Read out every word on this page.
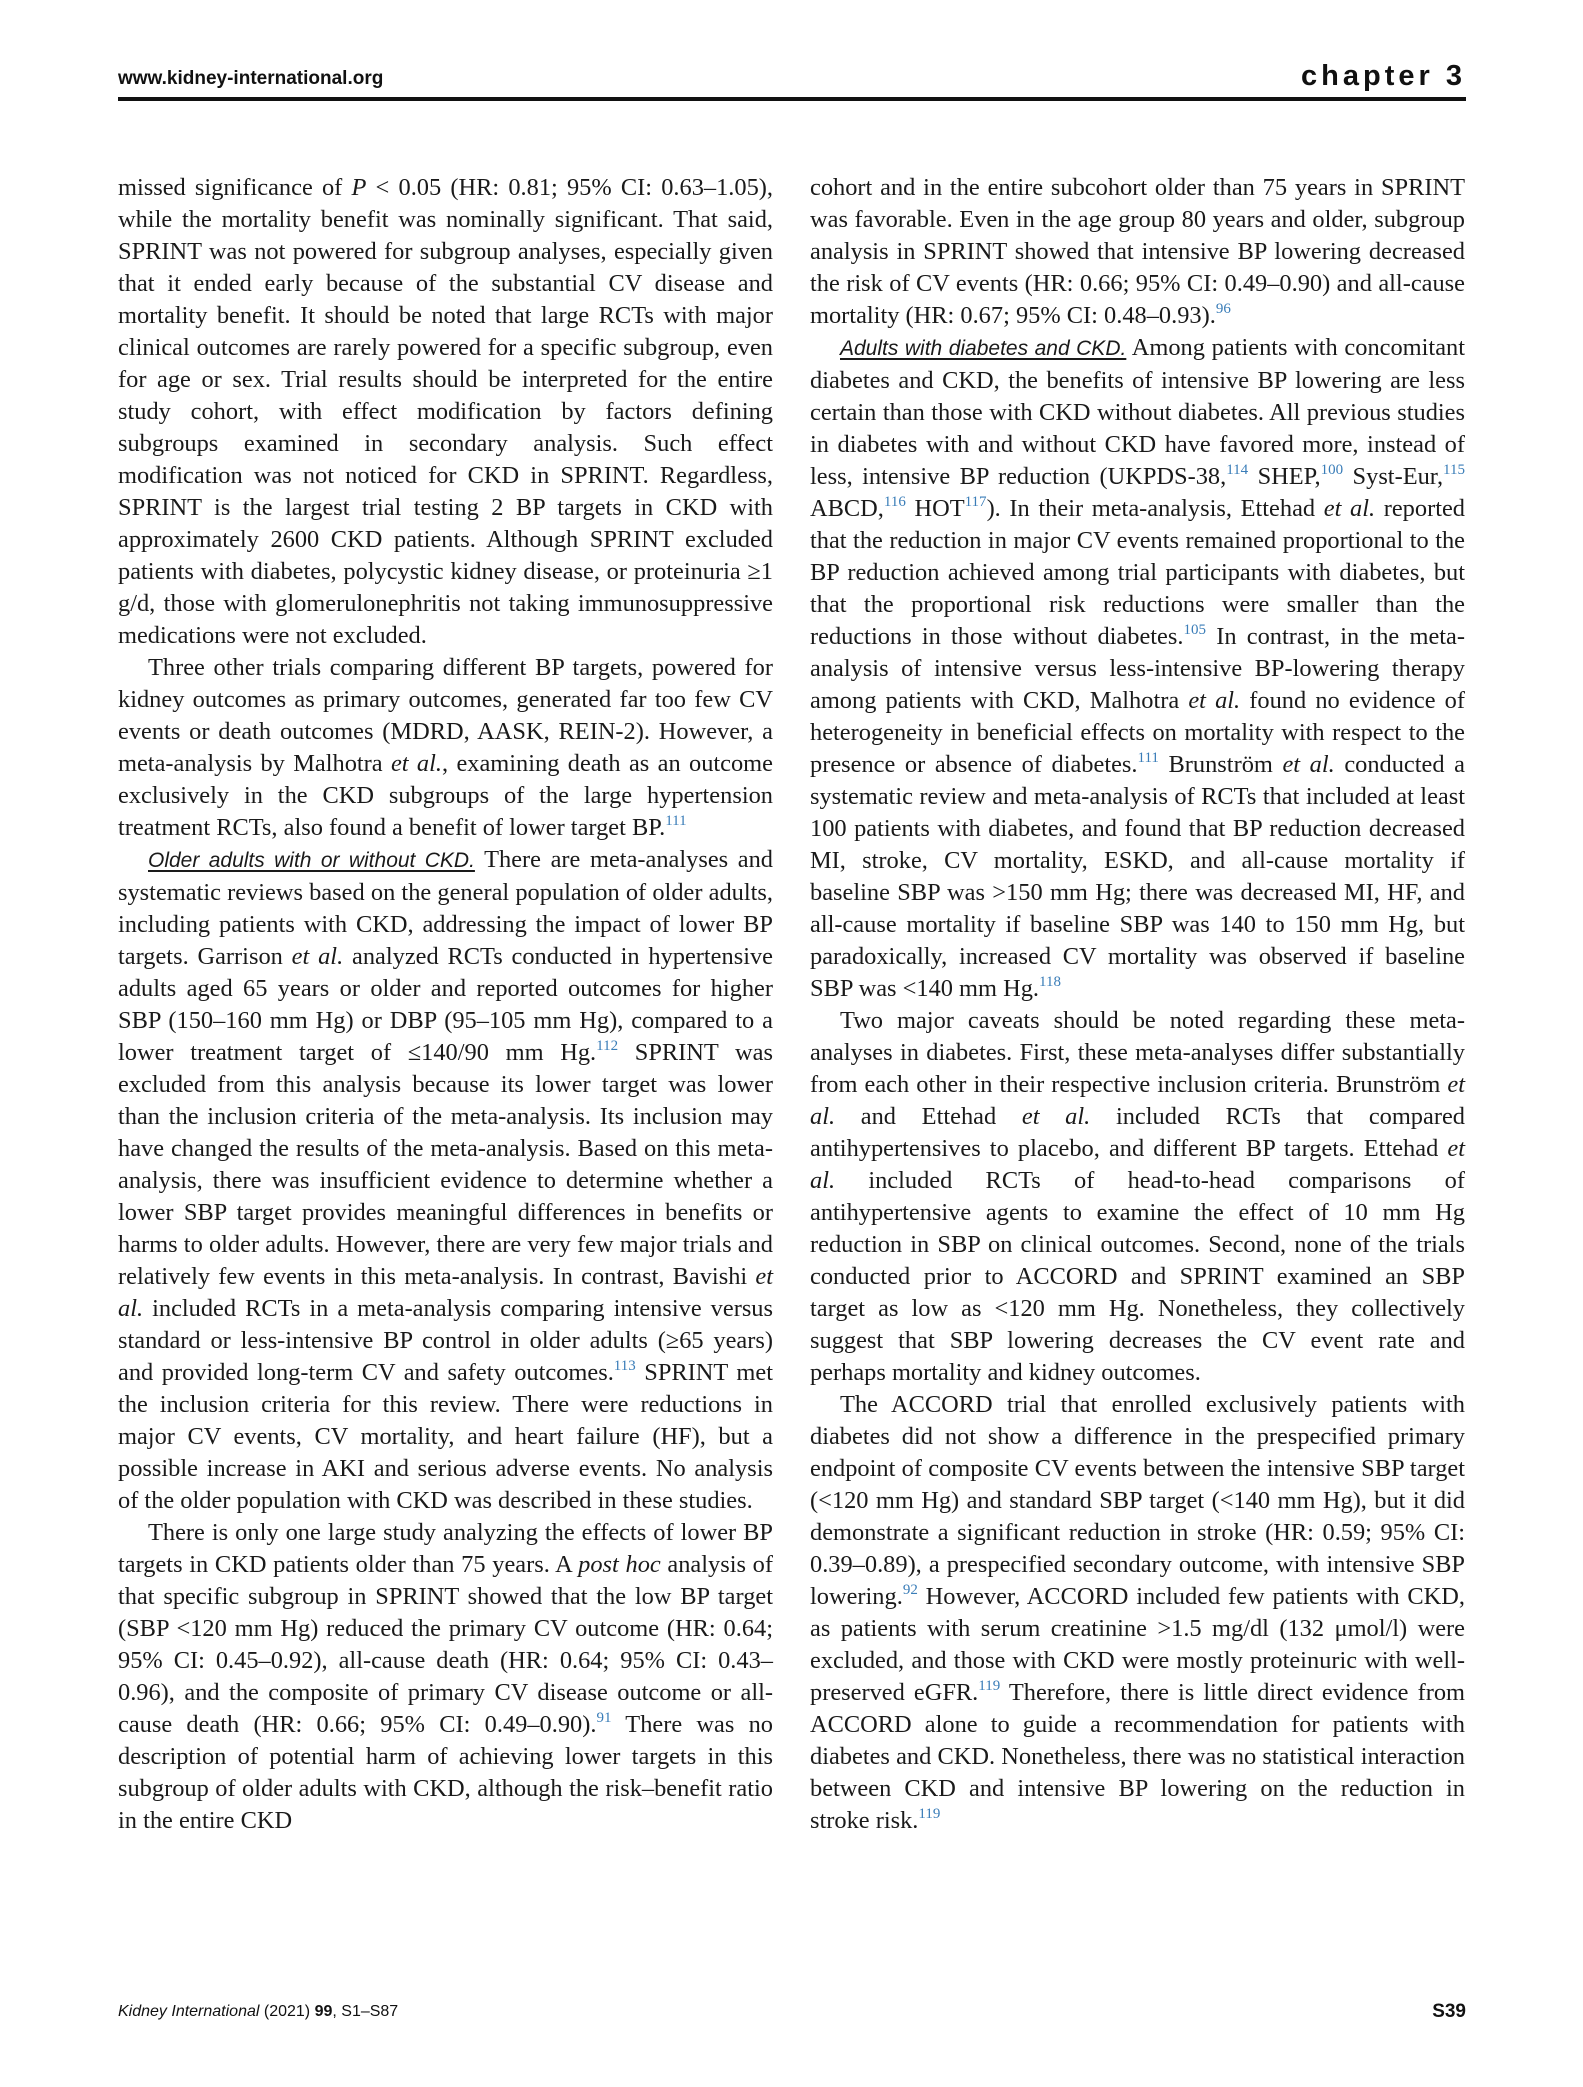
www.kidney-international.org	chapter 3

missed significance of P < 0.05 (HR: 0.81; 95% CI: 0.63–1.05), while the mortality benefit was nominally significant. That said, SPRINT was not powered for subgroup analyses, especially given that it ended early because of the substantial CV disease and mortality benefit. It should be noted that large RCTs with major clinical outcomes are rarely powered for a specific subgroup, even for age or sex. Trial results should be interpreted for the entire study cohort, with effect modification by factors defining subgroups examined in secondary analysis. Such effect modification was not noticed for CKD in SPRINT. Regardless, SPRINT is the largest trial testing 2 BP targets in CKD with approximately 2600 CKD patients. Although SPRINT excluded patients with diabetes, polycystic kidney disease, or proteinuria ≥1 g/d, those with glomerulonephritis not taking immunosuppressive medications were not excluded.

Three other trials comparing different BP targets, powered for kidney outcomes as primary outcomes, generated far too few CV events or death outcomes (MDRD, AASK, REIN-2). However, a meta-analysis by Malhotra et al., examining death as an outcome exclusively in the CKD subgroups of the large hypertension treatment RCTs, also found a benefit of lower target BP.$^{111}$

Older adults with or without CKD. There are meta-analyses and systematic reviews based on the general population of older adults, including patients with CKD, addressing the impact of lower BP targets. Garrison et al. analyzed RCTs conducted in hypertensive adults aged 65 years or older and reported outcomes for higher SBP (150–160 mm Hg) or DBP (95–105 mm Hg), compared to a lower treatment target of ≤140/90 mm Hg.$^{112}$ SPRINT was excluded from this analysis because its lower target was lower than the inclusion criteria of the meta-analysis. Its inclusion may have changed the results of the meta-analysis. Based on this meta-analysis, there was insufficient evidence to determine whether a lower SBP target provides meaningful differences in benefits or harms to older adults. However, there are very few major trials and relatively few events in this meta-analysis. In contrast, Bavishi et al. included RCTs in a meta-analysis comparing intensive versus standard or less-intensive BP control in older adults (≥65 years) and provided long-term CV and safety outcomes.$^{113}$ SPRINT met the inclusion criteria for this review. There were reductions in major CV events, CV mortality, and heart failure (HF), but a possible increase in AKI and serious adverse events. No analysis of the older population with CKD was described in these studies.

There is only one large study analyzing the effects of lower BP targets in CKD patients older than 75 years. A post hoc analysis of that specific subgroup in SPRINT showed that the low BP target (SBP <120 mm Hg) reduced the primary CV outcome (HR: 0.64; 95% CI: 0.45–0.92), all-cause death (HR: 0.64; 95% CI: 0.43–0.96), and the composite of primary CV disease outcome or all-cause death (HR: 0.66; 95% CI: 0.49–0.90).$^{91}$ There was no description of potential harm of achieving lower targets in this subgroup of older adults with CKD, although the risk–benefit ratio in the entire CKD

cohort and in the entire subcohort older than 75 years in SPRINT was favorable. Even in the age group 80 years and older, subgroup analysis in SPRINT showed that intensive BP lowering decreased the risk of CV events (HR: 0.66; 95% CI: 0.49–0.90) and all-cause mortality (HR: 0.67; 95% CI: 0.48–0.93).$^{96}$

Adults with diabetes and CKD. Among patients with concomitant diabetes and CKD, the benefits of intensive BP lowering are less certain than those with CKD without diabetes. All previous studies in diabetes with and without CKD have favored more, instead of less, intensive BP reduction (UKPDS-38,$^{114}$ SHEP,$^{100}$ Syst-Eur,$^{115}$ ABCD,$^{116}$ HOT$^{117}$). In their meta-analysis, Ettehad et al. reported that the reduction in major CV events remained proportional to the BP reduction achieved among trial participants with diabetes, but that the proportional risk reductions were smaller than the reductions in those without diabetes.$^{105}$ In contrast, in the meta-analysis of intensive versus less-intensive BP-lowering therapy among patients with CKD, Malhotra et al. found no evidence of heterogeneity in beneficial effects on mortality with respect to the presence or absence of diabetes.$^{111}$ Brunström et al. conducted a systematic review and meta-analysis of RCTs that included at least 100 patients with diabetes, and found that BP reduction decreased MI, stroke, CV mortality, ESKD, and all-cause mortality if baseline SBP was >150 mm Hg; there was decreased MI, HF, and all-cause mortality if baseline SBP was 140 to 150 mm Hg, but paradoxically, increased CV mortality was observed if baseline SBP was <140 mm Hg.$^{118}$

Two major caveats should be noted regarding these meta-analyses in diabetes. First, these meta-analyses differ substantially from each other in their respective inclusion criteria. Brunström et al. and Ettehad et al. included RCTs that compared antihypertensives to placebo, and different BP targets. Ettehad et al. included RCTs of head-to-head comparisons of antihypertensive agents to examine the effect of 10 mm Hg reduction in SBP on clinical outcomes. Second, none of the trials conducted prior to ACCORD and SPRINT examined an SBP target as low as <120 mm Hg. Nonetheless, they collectively suggest that SBP lowering decreases the CV event rate and perhaps mortality and kidney outcomes.

The ACCORD trial that enrolled exclusively patients with diabetes did not show a difference in the prespecified primary endpoint of composite CV events between the intensive SBP target (<120 mm Hg) and standard SBP target (<140 mm Hg), but it did demonstrate a significant reduction in stroke (HR: 0.59; 95% CI: 0.39–0.89), a prespecified secondary outcome, with intensive SBP lowering.$^{92}$ However, ACCORD included few patients with CKD, as patients with serum creatinine >1.5 mg/dl (132 μmol/l) were excluded, and those with CKD were mostly proteinuric with well-preserved eGFR.$^{119}$ Therefore, there is little direct evidence from ACCORD alone to guide a recommendation for patients with diabetes and CKD. Nonetheless, there was no statistical interaction between CKD and intensive BP lowering on the reduction in stroke risk.$^{119}$

Kidney International (2021) 99, S1–S87	S39
